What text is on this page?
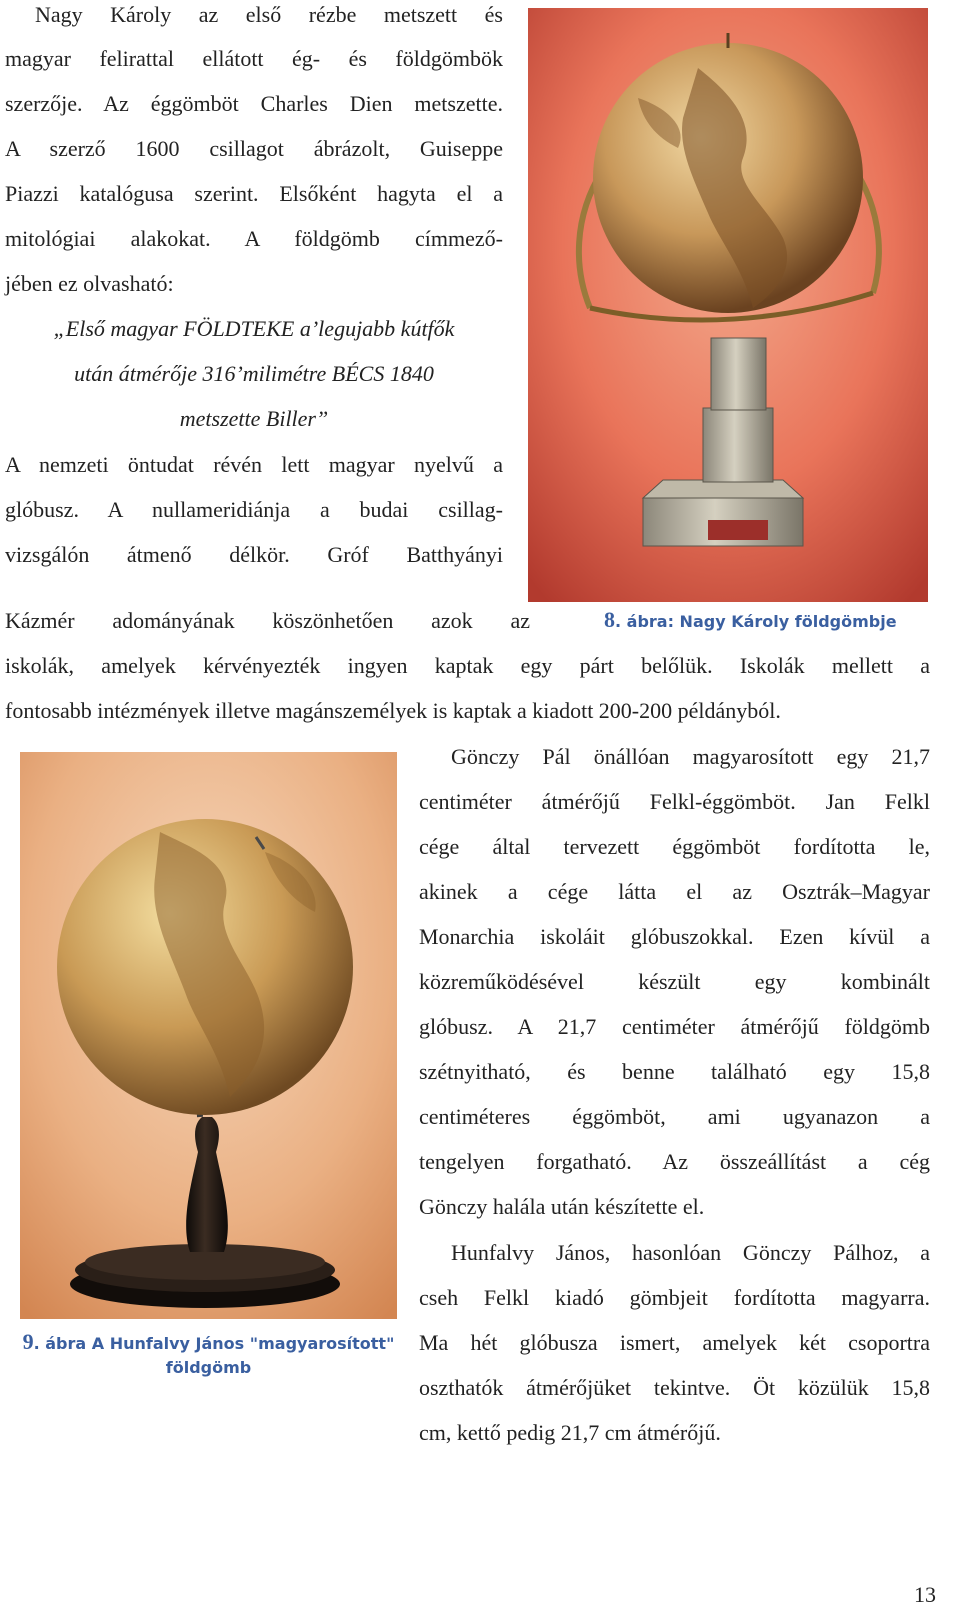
Nagy Károly az első rézbe metszett és
magyar felirattal ellátott ég- és földgömbök
szerzője. Az éggömböt Charles Dien metszette.
A szerző 1600 csillagot ábrázolt, Guiseppe
Piazzi katalógusa szerint. Elsőként hagyta el a
mitológiai alakokat. A földgömb címmező-
jében ez olvasható:
„Első magyar FÖLDTEKE a’legujabb kútfők
után átmérője 316’milimétre BÉCS 1840
metszette Biller”
A nemzeti öntudat révén lett magyar nyelvű a
glóbusz. A nullameridiánja a budai csillag-
vizsgálón átmenő délkör. Gróf Batthyányi
Kázmér adományának köszönhetően azok az
iskolák, amelyek kérvényezték ingyen kaptak egy párt belőlük. Iskolák mellett a
fontosabb intézmények illetve magánszemélyek is kaptak a kiadott 200-200 példányból.
8. ábra: Nagy Károly földgömbje
9. ábra A Hunfalvy János "magyarosított"
földgömb
Gönczy Pál önállóan magyarosított egy 21,7
centiméter átmérőjű Felkl-éggömböt. Jan Felkl
cége által tervezett éggömböt fordította le,
akinek a cége látta el az Osztrák–Magyar
Monarchia iskoláit glóbuszokkal. Ezen kívül a
közreműködésével készült egy kombinált
glóbusz. A 21,7 centiméter átmérőjű földgömb
szétnyitható, és benne található egy 15,8
centiméteres éggömböt, ami ugyanazon a
tengelyen forgatható. Az összeállítást a cég
Gönczy halála után készítette el.
Hunfalvy János, hasonlóan Gönczy Pálhoz, a
cseh Felkl kiadó gömbjeit fordította magyarra.
Ma hét glóbusza ismert, amelyek két csoportra
oszthatók átmérőjüket tekintve. Öt közülük 15,8
cm, kettő pedig 21,7 cm átmérőjű.
13
